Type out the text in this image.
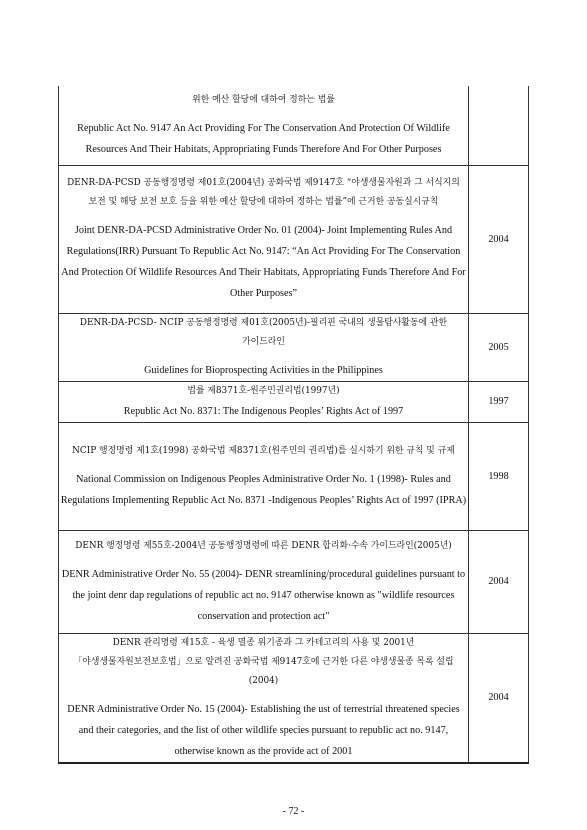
위한 예산 할당에 대하여 정하는 법률

Republic Act No. 9147 An Act Providing For The Conservation And Protection Of Wildlife Resources And Their Habitats, Appropriating Funds Therefore And For Other Purposes	

DENR-DA-PCSD 공동행정명령 제01호(2004년) 공화국법 제9147호 “야생생물자원과 그 서식지의 보전 및 해당 보전 보호 등을 위한 예산 할당에 대하여 정하는 법률”에 근거한 공동실시규칙

Joint DENR-DA-PCSD Administrative Order No. 01 (2004)- Joint Implementing Rules And Regulations(IRR) Pursuant To Republic Act No. 9147: “An Act Providing For The Conservation And Protection Of Wildlife Resources And Their Habitats, Appropriating Funds Therefore And For Other Purposes”	2004

DENR-DA-PCSD- NCIP 공동행정명령 제01호(2005년)-필리핀 국내의 생물탐사활동에 관한 가이드라인

Guidelines for Bioprospecting Activities in the Philippines	2005

법률 제8371호-원주민권리법(1997년)

Republic Act No. 8371: The Indigenous Peoples’ Rights Act of 1997	1997

NCIP 행정명령 제1호(1998) 공화국법 제8371호(원주민의 권리법)를 실시하기 위한 규칙 및 규제

National Commission on Indigenous Peoples Administrative Order No. 1 (1998)- Rules and Regulations Implementing Republic Act No. 8371 -Indigenous Peoples’ Rights Act of 1997 (IPRA)	1998

DENR 행정명령 제55호-2004년 공동행정명령에 따른 DENR 합리화·수속 가이드라인(2005년)

DENR Administrative Order No. 55 (2004)- DENR streamlining/procedural guidelines pursuant to the joint denr dap regulations of republic act no. 9147 otherwise known as "wildlife resources conservation and protection act"	2004

DENR 관리명령 제15호 - 육생 멸종 위기종과 그 카테고리의 사용 및 2001년 「야생생물자원보전보호법」으로 알려진 공화국법 제9147호에 근거한 다른 야생생물종 목록 설립 (2004)

DENR Administrative Order No. 15 (2004)- Establishing the ust of terrestrial threatened species and their categories, and the list of other wildlife species pursuant to republic act no. 9147, otherwise known as the provide act of 2001	2004
- 72 -
